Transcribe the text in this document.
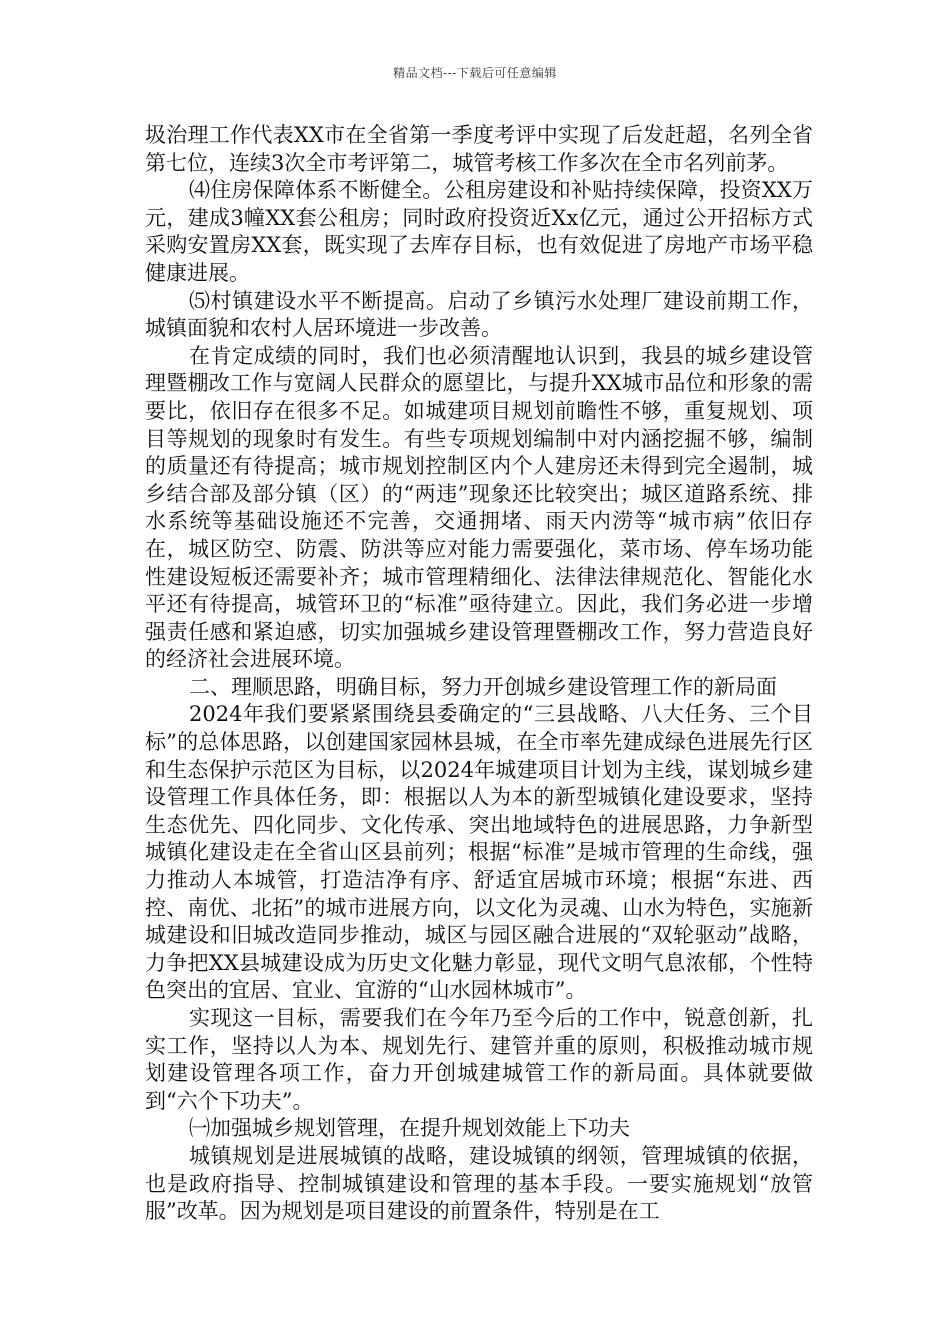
精品文档---下载后可任意编辑

圾治理工作代表XX市在全省第一季度考评中实现了后发赶超，名列全省第七位，连续3次全市考评第二，城管考核工作多次在全市名列前茅。

⑷住房保障体系不断健全。公租房建设和补贴持续保障，投资XX万元，建成3幢XX套公租房；同时政府投资近Xx亿元，通过公开招标方式采购安置房XX套，既实现了去库存目标，也有效促进了房地产市场平稳健康进展。

⑸村镇建设水平不断提高。启动了乡镇污水处理厂建设前期工作，城镇面貌和农村人居环境进一步改善。

在肯定成绩的同时，我们也必须清醒地认识到，我县的城乡建设管理暨棚改工作与宽阔人民群众的愿望比，与提升XX城市品位和形象的需要比，依旧存在很多不足。如城建项目规划前瞻性不够，重复规划、项目等规划的现象时有发生。有些专项规划编制中对内涵挖掘不够，编制的质量还有待提高；城市规划控制区内个人建房还未得到完全遏制，城乡结合部及部分镇（区）的“两违”现象还比较突出；城区道路系统、排水系统等基础设施还不完善，交通拥堵、雨天内涝等“城市病”依旧存在，城区防空、防震、防洪等应对能力需要强化，菜市场、停车场功能性建设短板还需要补齐；城市管理精细化、法律法律规范化、智能化水平还有待提高，城管环卫的“标准”亟待建立。因此，我们务必进一步增强责任感和紧迫感，切实加强城乡建设管理暨棚改工作，努力营造良好的经济社会进展环境。

二、理顺思路，明确目标，努力开创城乡建设管理工作的新局面

2024年我们要紧紧围绕县委确定的“三县战略、八大任务、三个目标”的总体思路，以创建国家园林县城，在全市率先建成绿色进展先行区和生态保护示范区为目标，以2024年城建项目计划为主线，谋划城乡建设管理工作具体任务，即：根据以人为本的新型城镇化建设要求，坚持生态优先、四化同步、文化传承、突出地域特色的进展思路，力争新型城镇化建设走在全省山区县前列；根据“标准”是城市管理的生命线，强力推动人本城管，打造洁净有序、舒适宜居城市环境；根据“东进、西控、南优、北拓”的城市进展方向，以文化为灵魂、山水为特色，实施新城建设和旧城改造同步推动，城区与园区融合进展的“双轮驱动”战略，力争把XX县城建设成为历史文化魅力彰显，现代文明气息浓郁，个性特色突出的宜居、宜业、宜游的“山水园林城市”。

实现这一目标，需要我们在今年乃至今后的工作中，锐意创新，扎实工作，坚持以人为本、规划先行、建管并重的原则，积极推动城市规划建设管理各项工作，奋力开创城建城管工作的新局面。具体就要做到“六个下功夫”。

㈠加强城乡规划管理，在提升规划效能上下功夫

城镇规划是进展城镇的战略，建设城镇的纲领，管理城镇的依据，也是政府指导、控制城镇建设和管理的基本手段。一要实施规划“放管服”改革。因为规划是项目建设的前置条件，特别是在工
